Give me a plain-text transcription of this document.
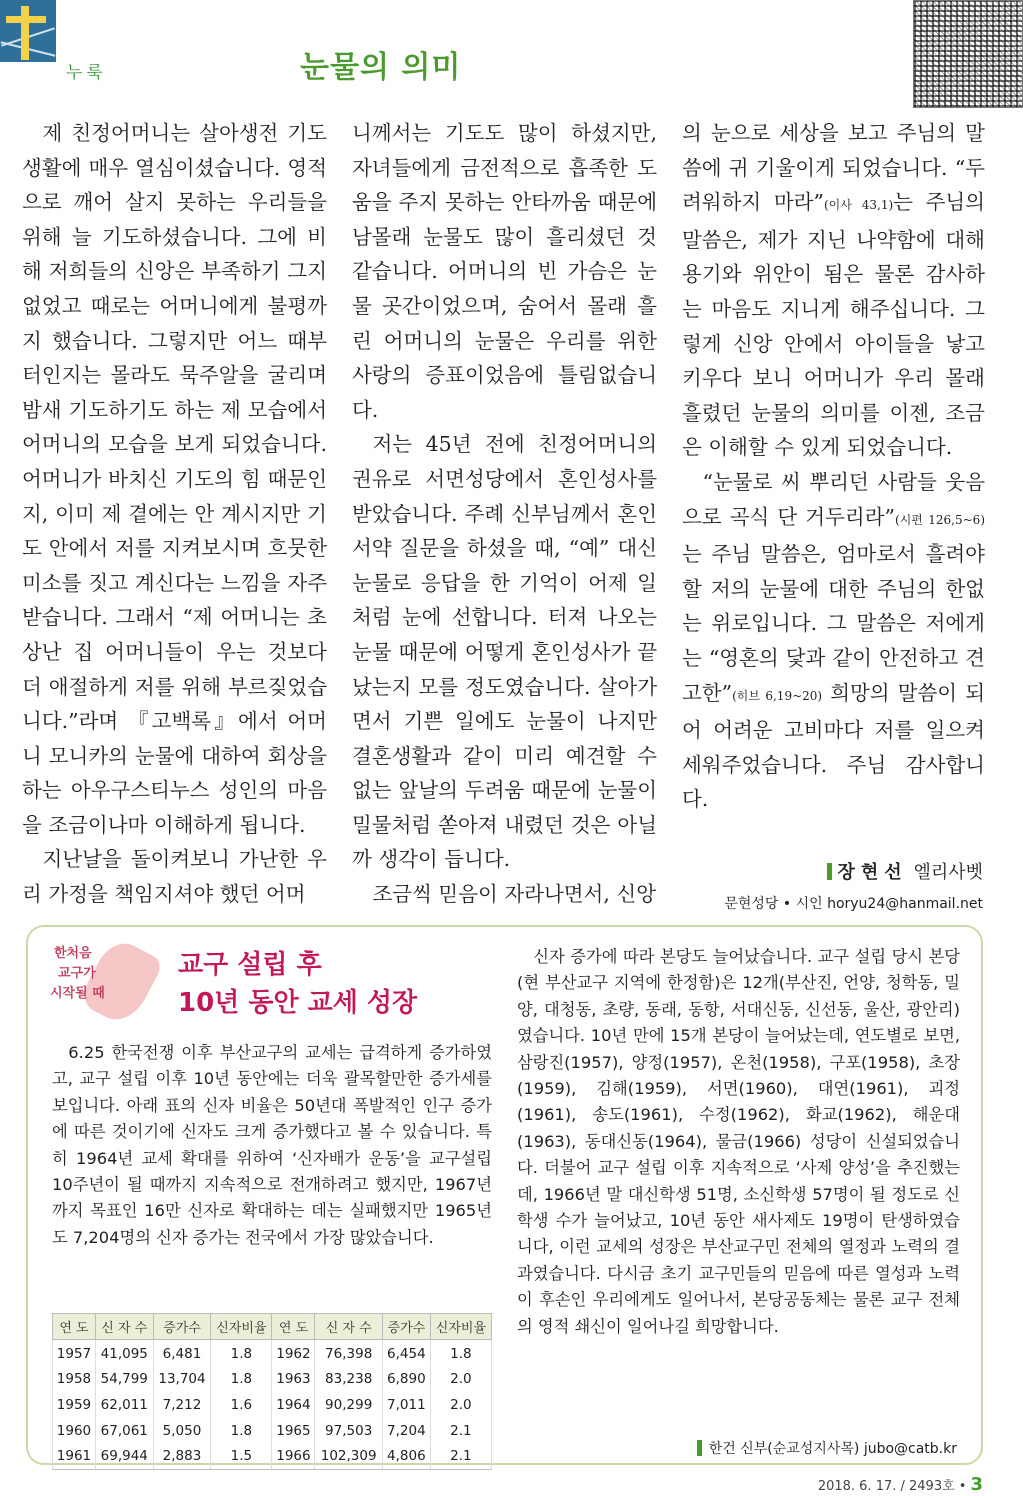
누룩	눈물의 의미

제 친정어머니는 살아생전 기도생활에 매우 열심이셨습니다. 영적으로 깨어 살지 못하는 우리들을 위해 늘 기도하셨습니다. 그에 비해 저희들의 신앙은 부족하기 그지없었고 때로는 어머니에게 불평까지 했습니다. 그렇지만 어느 때부터인지는 몰라도 묵주알을 굴리며 밤새 기도하기도 하는 제 모습에서 어머니의 모습을 보게 되었습니다. 어머니가 바치신 기도의 힘 때문인지, 이미 제 곁에는 안 계시지만 기도 안에서 저를 지켜보시며 흐뭇한 미소를 짓고 계신다는 느낌을 자주 받습니다. 그래서 “제 어머니는 초상난 집 어머니들이 우는 것보다 더 애절하게 저를 위해 부르짖었습니다.”라며 『고백록』에서 어머니 모니카의 눈물에 대하여 회상을 하는 아우구스티누스 성인의 마음을 조금이나마 이해하게 됩니다.

지난날을 돌이켜보니 가난한 우리 가정을 책임지셔야 했던 어머

니께서는 기도도 많이 하셨지만, 자녀들에게 금전적으로 흡족한 도움을 주지 못하는 안타까움 때문에 남몰래 눈물도 많이 흘리셨던 것 같습니다. 어머니의 빈 가슴은 눈물 곳간이었으며, 숨어서 몰래 흘린 어머니의 눈물은 우리를 위한 사랑의 증표이었음에 틀림없습니다.

저는 45년 전에 친정어머니의 권유로 서면성당에서 혼인성사를 받았습니다. 주례 신부님께서 혼인서약 질문을 하셨을 때, “예” 대신 눈물로 응답을 한 기억이 어제 일처럼 눈에 선합니다. 터져 나오는 눈물 때문에 어떻게 혼인성사가 끝났는지 모를 정도였습니다. 살아가면서 기쁜 일에도 눈물이 나지만 결혼생활과 같이 미리 예견할 수 없는 앞날의 두려움 때문에 눈물이 밀물처럼 쏟아져 내렸던 것은 아닐까 생각이 듭니다.

조금씩 믿음이 자라나면서, 신앙

의 눈으로 세상을 보고 주님의 말씀에 귀 기울이게 되었습니다. “두려워하지 마라”(이사 43,1)는 주님의 말씀은, 제가 지닌 나약함에 대해 용기와 위안이 됨은 물론 감사하는 마음도 지니게 해주십니다. 그렇게 신앙 안에서 아이들을 낳고 키우다 보니 어머니가 우리 몰래 흘렸던 눈물의 의미를 이젠, 조금은 이해할 수 있게 되었습니다.

“눈물로 씨 뿌리던 사람들 웃음으로 곡식 단 거두리라”(시편 126,5~6)는 주님 말씀은, 엄마로서 흘려야 할 저의 눈물에 대한 주님의 한없는 위로입니다. 그 말씀은 저에게는 “영혼의 닻과 같이 안전하고 견고한”(히브 6,19~20) 희망의 말씀이 되어 어려운 고비마다 저를 일으켜 세워주었습니다. 주님 감사합니다.

장현선 엘리사벳
문현성당 • 시인 horyu24@hanmail.net
한처음
교구가
시작될 때
교구 설립 후
10년 동안 교세 성장

6.25 한국전쟁 이후 부산교구의 교세는 급격하게 증가하였고, 교구 설립 이후 10년 동안에는 더욱 괄목할만한 증가세를 보입니다. 아래 표의 신자 비율은 50년대 폭발적인 인구 증가에 따른 것이기에 신자도 크게 증가했다고 볼 수 있습니다. 특히 1964년 교세 확대를 위하여 ‘신자배가 운동’을 교구설립 10주년이 될 때까지 지속적으로 전개하려고 했지만, 1967년까지 목표인 16만 신자로 확대하는 데는 실패했지만 1965년도 7,204명의 신자 증가는 전국에서 가장 많았습니다.

연 도	신 자 수	증가수	신자비율	연 도	신 자 수	증가수	신자비율
1957	41,095	6,481	1.8	1962	76,398	6,454	1.8
1958	54,799	13,704	1.8	1963	83,238	6,890	2.0
1959	62,011	7,212	1.6	1964	90,299	7,011	2.0
1960	67,061	5,050	1.8	1965	97,503	7,204	2.1
1961	69,944	2,883	1.5	1966	102,309	4,806	2.1

신자 증가에 따라 본당도 늘어났습니다. 교구 설립 당시 본당(현 부산교구 지역에 한정함)은 12개(부산진, 언양, 청학동, 밀양, 대청동, 초량, 동래, 동항, 서대신동, 신선동, 울산, 광안리)였습니다. 10년 만에 15개 본당이 늘어났는데, 연도별로 보면, 삼랑진(1957), 양정(1957), 온천(1958), 구포(1958), 초장(1959), 김해(1959), 서면(1960), 대연(1961), 괴정(1961), 송도(1961), 수정(1962), 화교(1962), 해운대(1963), 동대신동(1964), 물금(1966) 성당이 신설되었습니다. 더불어 교구 설립 이후 지속적으로 ‘사제 양성’을 추진했는데, 1966년 말 대신학생 51명, 소신학생 57명이 될 정도로 신학생 수가 늘어났고, 10년 동안 새사제도 19명이 탄생하였습니다, 이런 교세의 성장은 부산교구민 전체의 열정과 노력의 결과였습니다. 다시금 초기 교구민들의 믿음에 따른 열성과 노력이 후손인 우리에게도 일어나서, 본당공동체는 물론 교구 전체의 영적 쇄신이 일어나길 희망합니다.

한건 신부(순교성지사목) jubo@catb.kr
2018. 6. 17. / 2493호 • 3
